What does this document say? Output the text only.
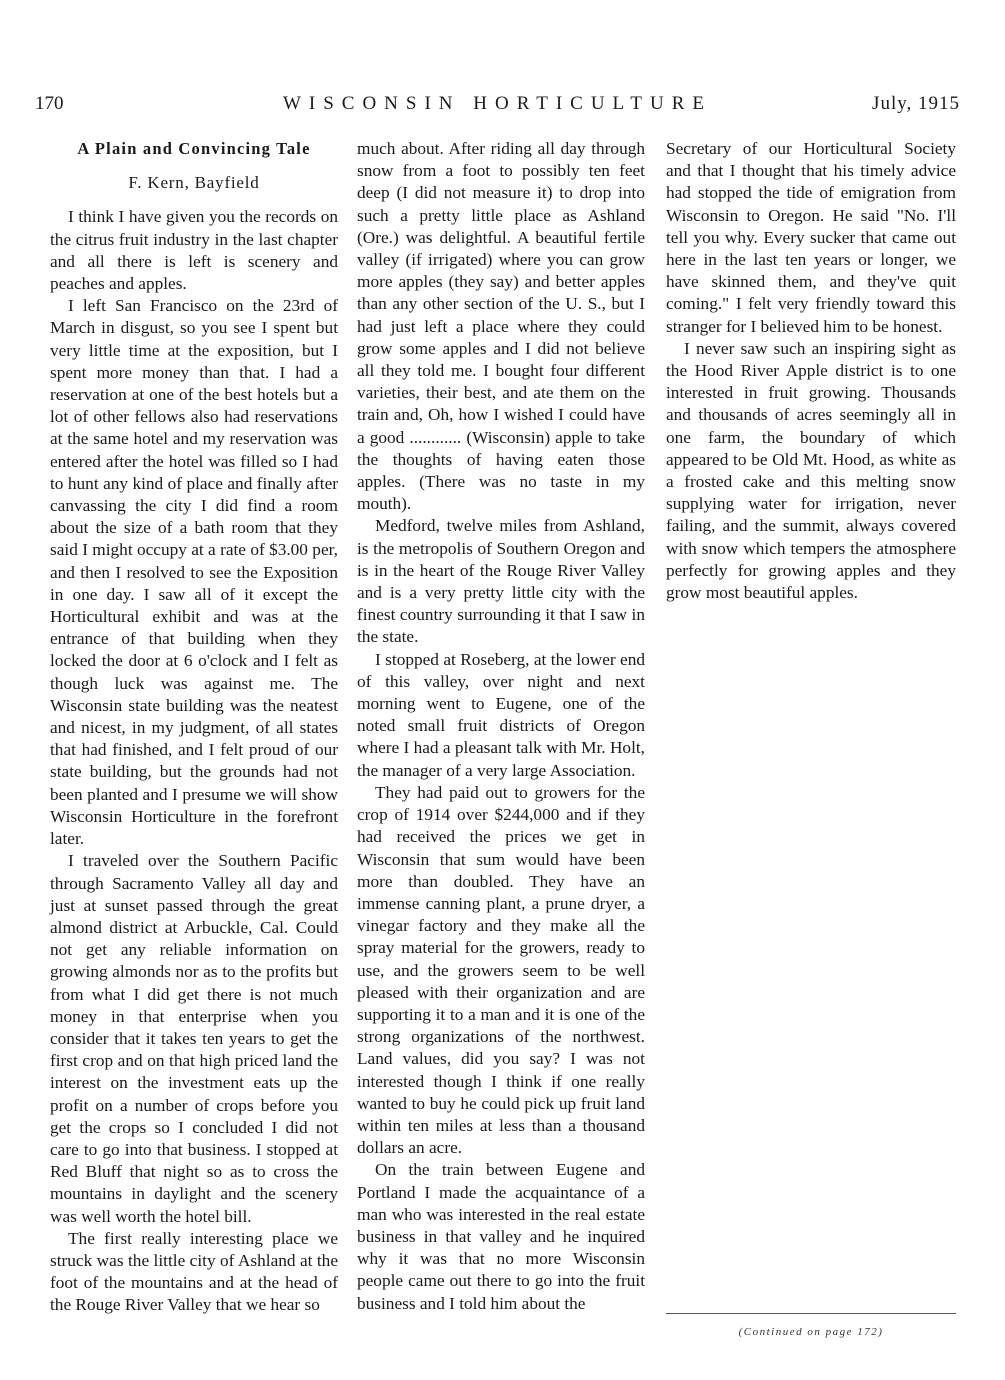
170	WISCONSIN HORTICULTURE	July, 1915
A Plain and Convincing Tale
F. Kern, Bayfield

I think I have given you the records on the citrus fruit industry in the last chapter and all there is left is scenery and peaches and apples.

I left San Francisco on the 23rd of March in disgust, so you see I spent but very little time at the exposition, but I spent more money than that. I had a reservation at one of the best hotels but a lot of other fellows also had reservations at the same hotel and my reservation was entered after the hotel was filled so I had to hunt any kind of place and finally after canvassing the city I did find a room about the size of a bath room that they said I might occupy at a rate of $3.00 per, and then I resolved to see the Exposition in one day. I saw all of it except the Horticultural exhibit and was at the entrance of that building when they locked the door at 6 o'clock and I felt as though luck was against me. The Wisconsin state building was the neatest and nicest, in my judgment, of all states that had finished, and I felt proud of our state building, but the grounds had not been planted and I presume we will show Wisconsin Horticulture in the forefront later.

I traveled over the Southern Pacific through Sacramento Valley all day and just at sunset passed through the great almond district at Arbuckle, Cal. Could not get any reliable information on growing almonds nor as to the profits but from what I did get there is not much money in that enterprise when you consider that it takes ten years to get the first crop and on that high priced land the interest on the investment eats up the profit on a number of crops before you get the crops so I concluded I did not care to go into that business. I stopped at Red Bluff that night so as to cross the mountains in daylight and the scenery was well worth the hotel bill.

The first really interesting place we struck was the little city of Ashland at the foot of the mountains and at the head of the Rouge River Valley that we hear so

much about. After riding all day through snow from a foot to possibly ten feet deep (I did not measure it) to drop into such a pretty little place as Ashland (Ore.) was delightful. A beautiful fertile valley (if irrigated) where you can grow more apples (they say) and better apples than any other section of the U. S., but I had just left a place where they could grow some apples and I did not believe all they told me. I bought four different varieties, their best, and ate them on the train and, Oh, how I wished I could have a good ............ (Wisconsin) apple to take the thoughts of having eaten those apples. (There was no taste in my mouth).

Medford, twelve miles from Ashland, is the metropolis of Southern Oregon and is in the heart of the Rouge River Valley and is a very pretty little city with the finest country surrounding it that I saw in the state.

I stopped at Roseberg, at the lower end of this valley, over night and next morning went to Eugene, one of the noted small fruit districts of Oregon where I had a pleasant talk with Mr. Holt, the manager of a very large Association.

They had paid out to growers for the crop of 1914 over $244,000 and if they had received the prices we get in Wisconsin that sum would have been more than doubled. They have an immense canning plant, a prune dryer, a vinegar factory and they make all the spray material for the growers, ready to use, and the growers seem to be well pleased with their organization and are supporting it to a man and it is one of the strong organizations of the northwest. Land values, did you say? I was not interested though I think if one really wanted to buy he could pick up fruit land within ten miles at less than a thousand dollars an acre.

On the train between Eugene and Portland I made the acquaintance of a man who was interested in the real estate business in that valley and he inquired why it was that no more Wisconsin people came out there to go into the fruit business and I told him about the

Secretary of our Horticultural Society and that I thought that his timely advice had stopped the tide of emigration from Wisconsin to Oregon. He said "No. I'll tell you why. Every sucker that came out here in the last ten years or longer, we have skinned them, and they've quit coming." I felt very friendly toward this stranger for I believed him to be honest.

I never saw such an inspiring sight as the Hood River Apple district is to one interested in fruit growing. Thousands and thousands of acres seemingly all in one farm, the boundary of which appeared to be Old Mt. Hood, as white as a frosted cake and this melting snow supplying water for irrigation, never failing, and the summit, always covered with snow which tempers the atmosphere perfectly for growing apples and they grow most beautiful apples.

(Continued on page 172)
